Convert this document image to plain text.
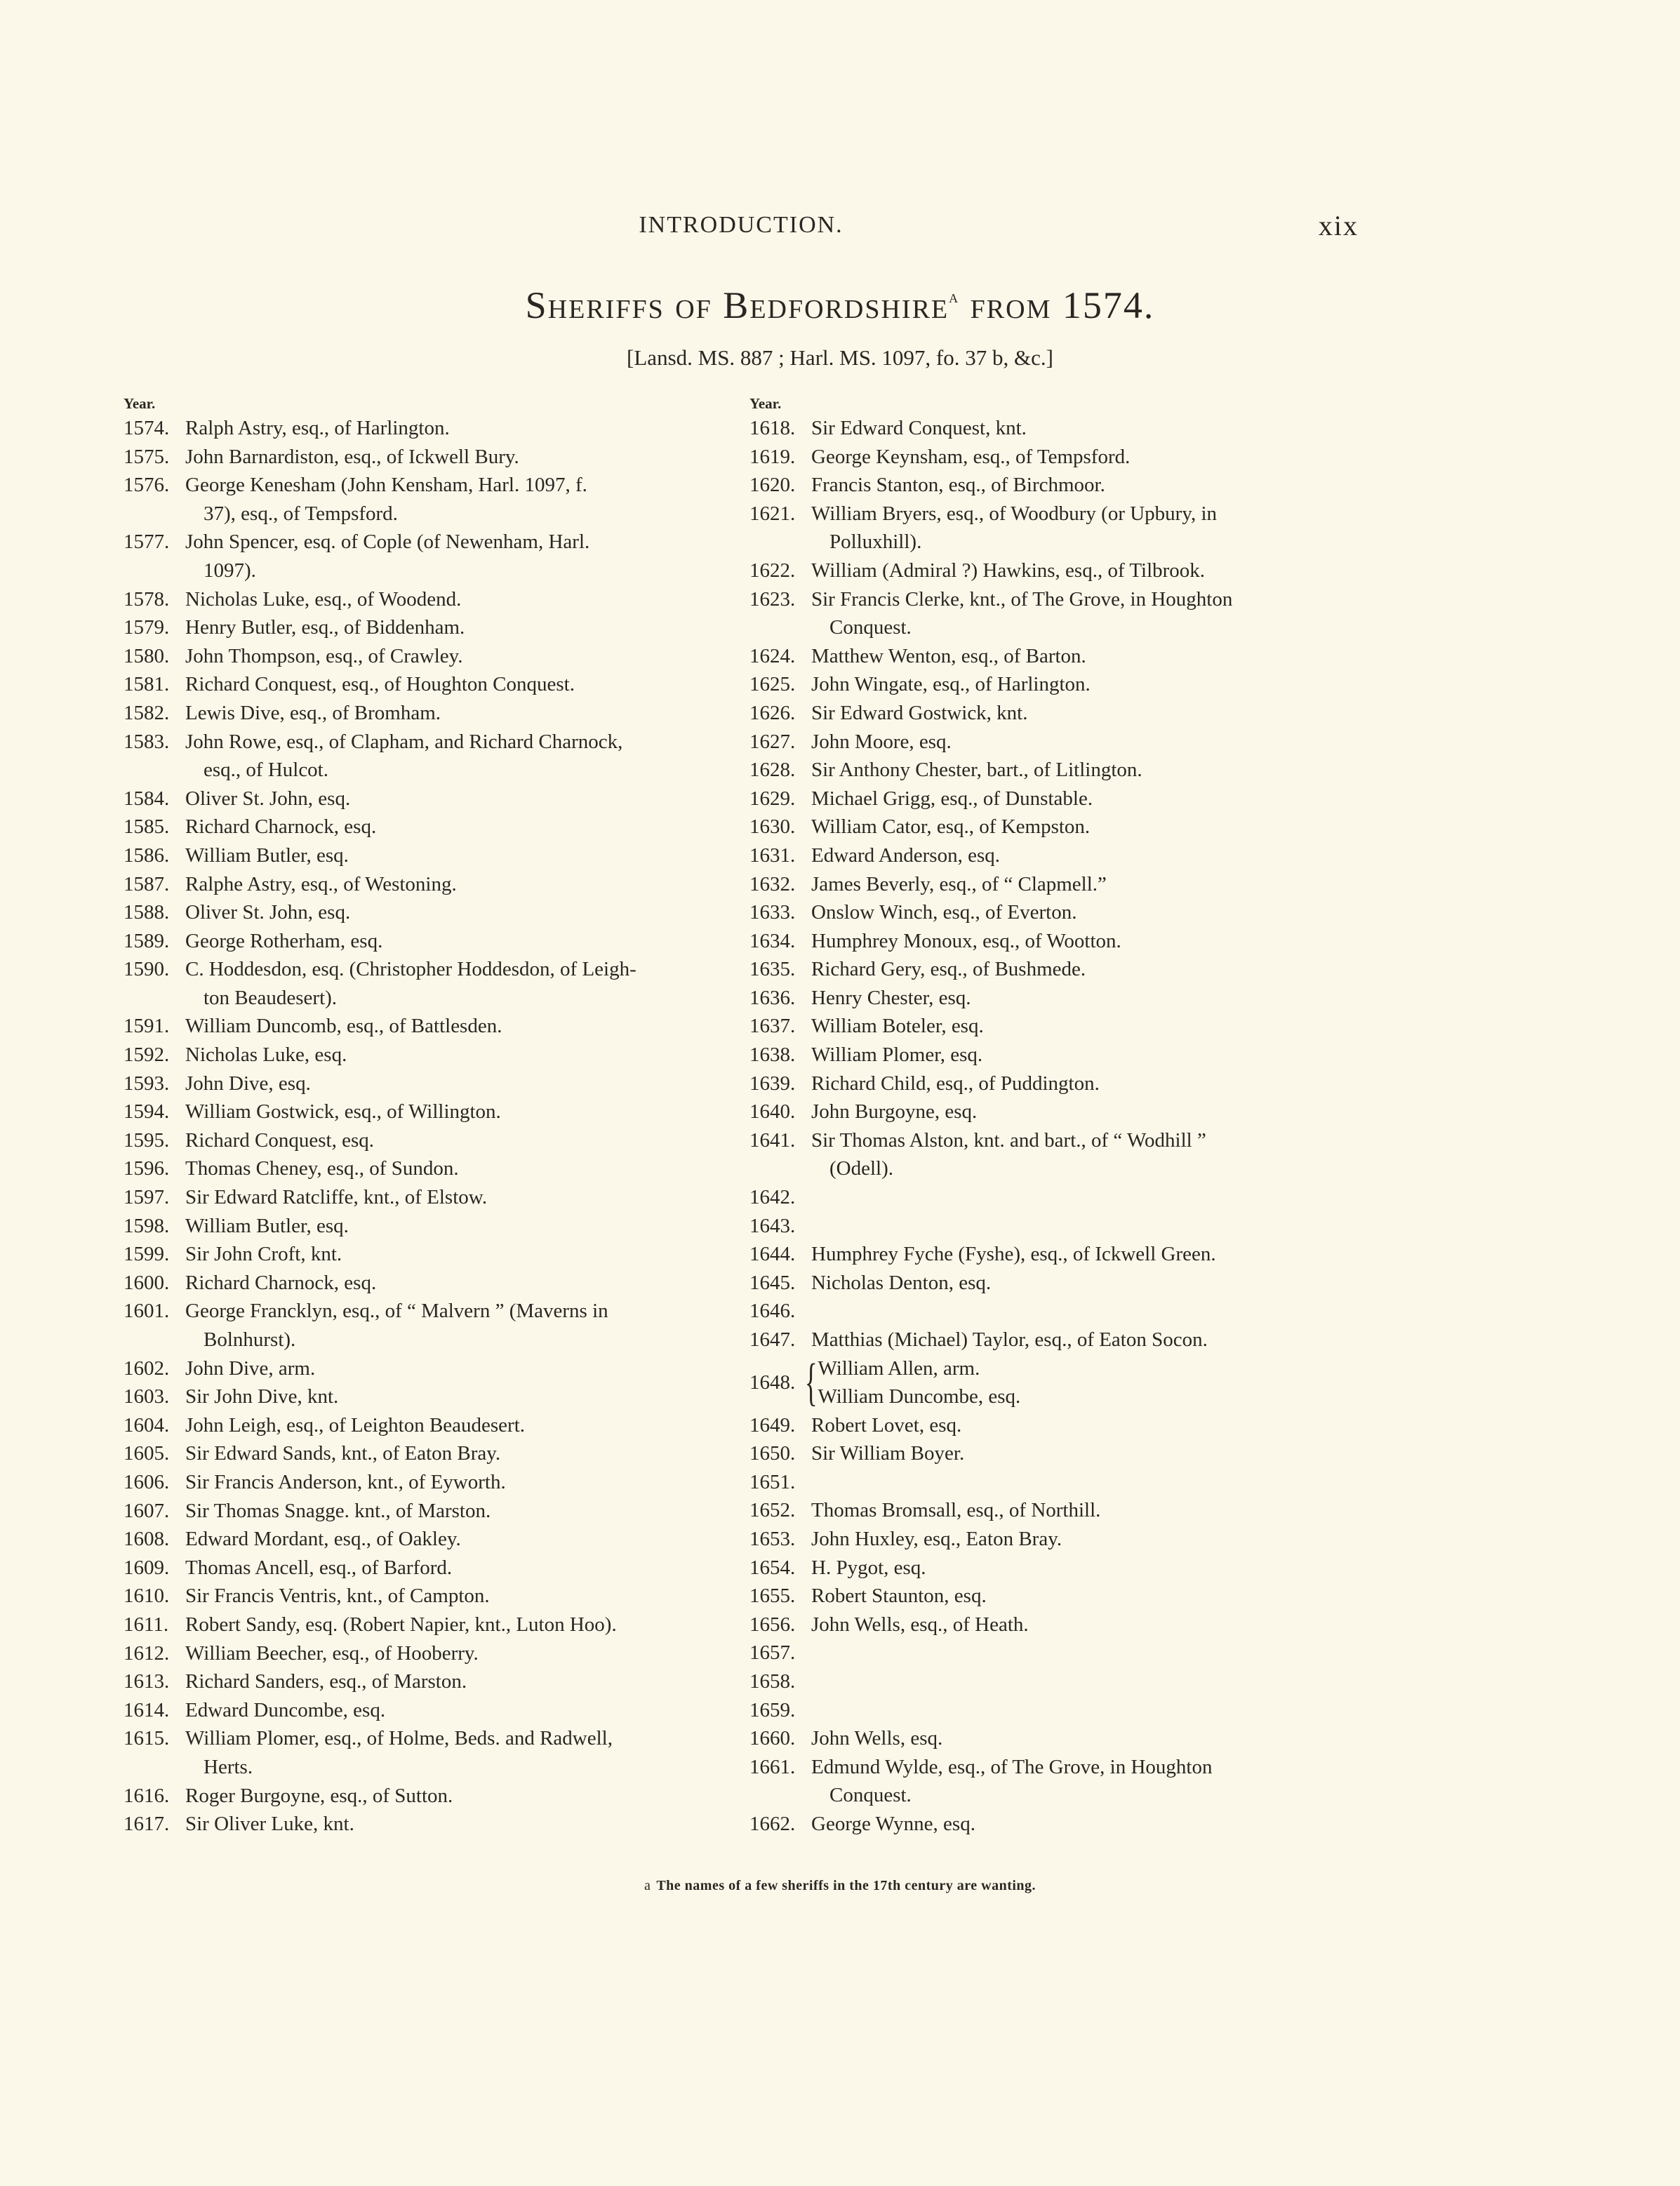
INTRODUCTION.	xix
Sheriffs of Bedfordshire$^a$ from 1574.
[Lansd. MS. 887 ; Harl. MS. 1097, fo. 37 b, &c.]
Year.
1574. Ralph Astry, esq., of Harlington.
1575. John Barnardiston, esq., of Ickwell Bury.
1576. George Kenesham (John Kensham, Harl. 1097, f.
37), esq., of Tempsford.
1577. John Spencer, esq. of Cople (of Newenham, Harl.
1097).
1578. Nicholas Luke, esq., of Woodend.
1579. Henry Butler, esq., of Biddenham.
1580. John Thompson, esq., of Crawley.
1581. Richard Conquest, esq., of Houghton Conquest.
1582. Lewis Dive, esq., of Bromham.
1583. John Rowe, esq., of Clapham, and Richard Charnock,
esq., of Hulcot.
1584. Oliver St. John, esq.
1585. Richard Charnock, esq.
1586. William Butler, esq.
1587. Ralphe Astry, esq., of Westoning.
1588. Oliver St. John, esq.
1589. George Rotherham, esq.
1590. C. Hoddesdon, esq. (Christopher Hoddesdon, of Leigh-
ton Beaudesert).
1591. William Duncomb, esq., of Battlesden.
1592. Nicholas Luke, esq.
1593. John Dive, esq.
1594. William Gostwick, esq., of Willington.
1595. Richard Conquest, esq.
1596. Thomas Cheney, esq., of Sundon.
1597. Sir Edward Ratcliffe, knt., of Elstow.
1598. William Butler, esq.
1599. Sir John Croft, knt.
1600. Richard Charnock, esq.
1601. George Francklyn, esq., of “ Malvern ” (Maverns in
Bolnhurst).
1602. John Dive, arm.
1603. Sir John Dive, knt.
1604. John Leigh, esq., of Leighton Beaudesert.
1605. Sir Edward Sands, knt., of Eaton Bray.
1606. Sir Francis Anderson, knt., of Eyworth.
1607. Sir Thomas Snagge. knt., of Marston.
1608. Edward Mordant, esq., of Oakley.
1609. Thomas Ancell, esq., of Barford.
1610. Sir Francis Ventris, knt., of Campton.
1611. Robert Sandy, esq. (Robert Napier, knt., Luton Hoo).
1612. William Beecher, esq., of Hooberry.
1613. Richard Sanders, esq., of Marston.
1614. Edward Duncombe, esq.
1615. William Plomer, esq., of Holme, Beds. and Radwell,
Herts.
1616. Roger Burgoyne, esq., of Sutton.
1617. Sir Oliver Luke, knt.
Year.
1618. Sir Edward Conquest, knt.
1619. George Keynsham, esq., of Tempsford.
1620. Francis Stanton, esq., of Birchmoor.
1621. William Bryers, esq., of Woodbury (or Upbury, in
Polluxhill).
1622. William (Admiral ?) Hawkins, esq., of Tilbrook.
1623. Sir Francis Clerke, knt., of The Grove, in Houghton
Conquest.
1624. Matthew Wenton, esq., of Barton.
1625. John Wingate, esq., of Harlington.
1626. Sir Edward Gostwick, knt.
1627. John Moore, esq.
1628. Sir Anthony Chester, bart., of Litlington.
1629. Michael Grigg, esq., of Dunstable.
1630. William Cator, esq., of Kempston.
1631. Edward Anderson, esq.
1632. James Beverly, esq., of “ Clapmell.”
1633. Onslow Winch, esq., of Everton.
1634. Humphrey Monoux, esq., of Wootton.
1635. Richard Gery, esq., of Bushmede.
1636. Henry Chester, esq.
1637. William Boteler, esq.
1638. William Plomer, esq.
1639. Richard Child, esq., of Puddington.
1640. John Burgoyne, esq.
1641. Sir Thomas Alston, knt. and bart., of “ Wodhill ”
(Odell).
1642.
1643.
1644. Humphrey Fyche (Fyshe), esq., of Ickwell Green.
1645. Nicholas Denton, esq.
1646.
1647. Matthias (Michael) Taylor, esq., of Eaton Socon.
1648. { William Allen, arm.
William Duncombe, esq.
1649. Robert Lovet, esq.
1650. Sir William Boyer.
1651.
1652. Thomas Bromsall, esq., of Northill.
1653. John Huxley, esq., Eaton Bray.
1654. H. Pygot, esq.
1655. Robert Staunton, esq.
1656. John Wells, esq., of Heath.
1657.
1658.
1659.
1660. John Wells, esq.
1661. Edmund Wylde, esq., of The Grove, in Houghton
Conquest.
1662. George Wynne, esq.
a The names of a few sheriffs in the 17th century are wanting.
